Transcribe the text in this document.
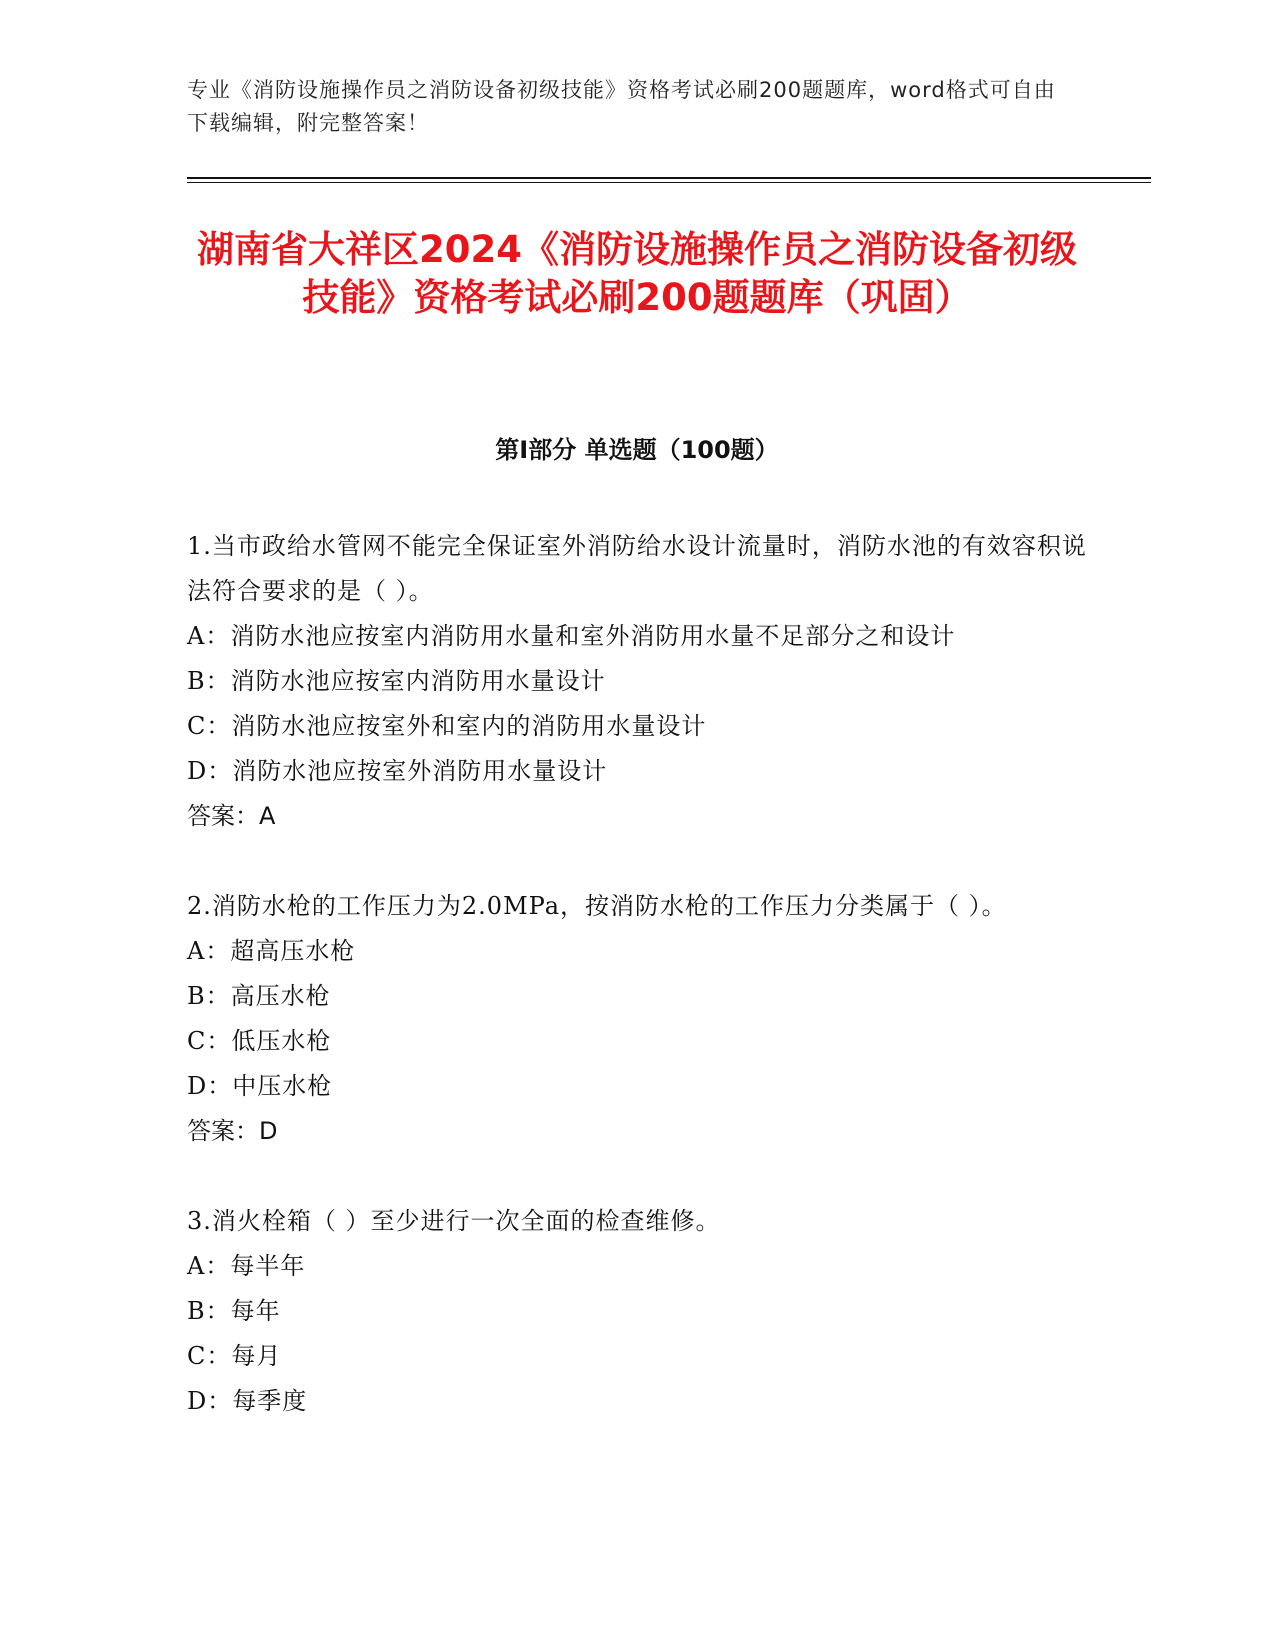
专业《消防设施操作员之消防设备初级技能》资格考试必刷200题题库，word格式可自由下载编辑，附完整答案！
湖南省大祥区2024《消防设施操作员之消防设备初级技能》资格考试必刷200题题库（巩固）
第I部分 单选题（100题）
1.当市政给水管网不能完全保证室外消防给水设计流量时，消防水池的有效容积说法符合要求的是（ ）。
A：消防水池应按室内消防用水量和室外消防用水量不足部分之和设计
B：消防水池应按室内消防用水量设计
C：消防水池应按室外和室内的消防用水量设计
D：消防水池应按室外消防用水量设计
答案：A
2.消防水枪的工作压力为2.0MPa，按消防水枪的工作压力分类属于（ ）。
A：超高压水枪
B：高压水枪
C：低压水枪
D：中压水枪
答案：D
3.消火栓箱（ ）至少进行一次全面的检查维修。
A：每半年
B：每年
C：每月
D：每季度
